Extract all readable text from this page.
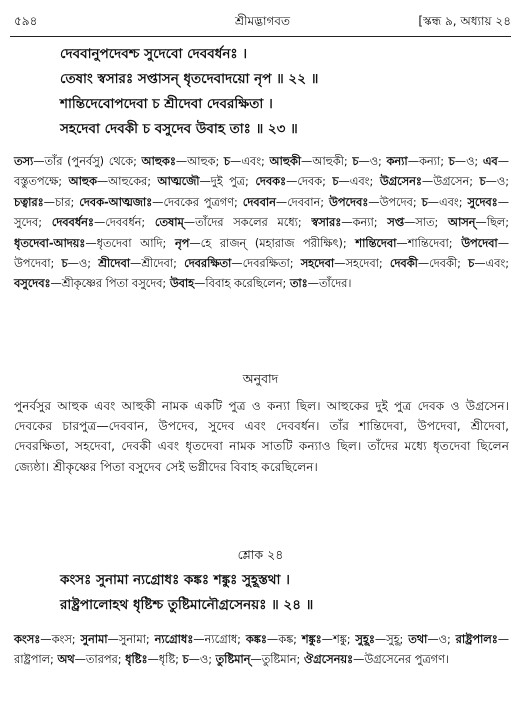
৫৯৪	শ্রীমদ্ভাগবত	[স্কন্ধ ৯, অধ্যায় ২৪
দেববানুপদেবশ্চ সুদেবো দেববর্ধনঃ ।
তেষাং স্বসারঃ সপ্তাসন্ ধৃতদেবাদয়ো নৃপ ॥ ২২ ॥
শান্তিদেবোপদেবা চ শ্রীদেবা দেবরক্ষিতা ।
সহদেবা দেবকী চ বসুদেব উবাহ তাঃ ॥ ২৩ ॥
তস্য—তাঁর (পুনর্বসু) থেকে; আহুকঃ—আহুক; চ—এবং; আহুকী—আহুকী; চ—ও; কন্যা—কন্যা; চ—ও; এব—বস্তুতপক্ষে; আহুক—আহুকের; আত্মজৌ—দুই পুত্র; দেবকঃ—দেবক; চ—এবং; উগ্রসেনঃ—উগ্রসেন; চ—ও; চত্বারঃ—চার; দেবক-আত্মজাঃ—দেবকের পুত্রগণ; দেববান—দেববান; উপদেবঃ—উপদেব; চ—এবং; সুদেবঃ—সুদেব; দেববর্ধনঃ—দেববর্ধন; তেষাম্—তাঁদের সকলের মধ্যে; স্বসারঃ—কন্যা; সপ্ত—সাত; আসন্—ছিল; ধৃতদেবা-আদয়ঃ—ধৃতদেবা আদি; নৃপ—হে রাজন্ (মহারাজ পরীক্ষিৎ); শান্তিদেবা—শান্তিদেবা; উপদেবা—উপদেবা; চ—ও; শ্রীদেবা—শ্রীদেবা; দেবরক্ষিতা—দেবরক্ষিতা; সহদেবা—সহদেবা; দেবকী—দেবকী; চ—এবং; বসুদেবঃ—শ্রীকৃষ্ণের পিতা বসুদেব; উবাহ—বিবাহ করেছিলেন; তাঃ—তাঁদের।
অনুবাদ
পুনর্বসুর আহুক এবং আহুকী নামক একটি পুত্র ও কন্যা ছিল। আহুকের দুই পুত্র দেবক ও উগ্রসেন। দেবকের চারপুত্র—দেববান, উপদেব, সুদেব এবং দেববর্ধন। তাঁর শান্তিদেবা, উপদেবা, শ্রীদেবা, দেবরক্ষিতা, সহদেবা, দেবকী এবং ধৃতদেবা নামক সাতটি কন্যাও ছিল। তাঁদের মধ্যে ধৃতদেবা ছিলেন জ্যেষ্ঠা। শ্রীকৃষ্ণের পিতা বসুদেব সেই ভগ্নীদের বিবাহ করেছিলেন।
শ্লোক ২৪
কংসঃ সুনামা ন্যগ্রোধঃ কঙ্কঃ শঙ্কুঃ সুহূস্তথা ।
রাষ্ট্রপালোহথ ধৃষ্টিশ্চ তুষ্টিমানৌগ্রসেনয়ঃ ॥ ২৪ ॥
কংসঃ—কংস; সুনামা—সুনামা; ন্যগ্রোধঃ—ন্যগ্রোধ; কঙ্কঃ—কঙ্ক; শঙ্কুঃ—শঙ্কু; সুহূঃ—সুহূ; তথা—ও; রাষ্ট্রপালঃ—রাষ্ট্রপাল; অথ—তারপর; ধৃষ্টিঃ—ধৃষ্টি; চ—ও; তুষ্টিমান্—তুষ্টিমান; ঔগ্রসেনয়ঃ—উগ্রসেনের পুত্রগণ।
